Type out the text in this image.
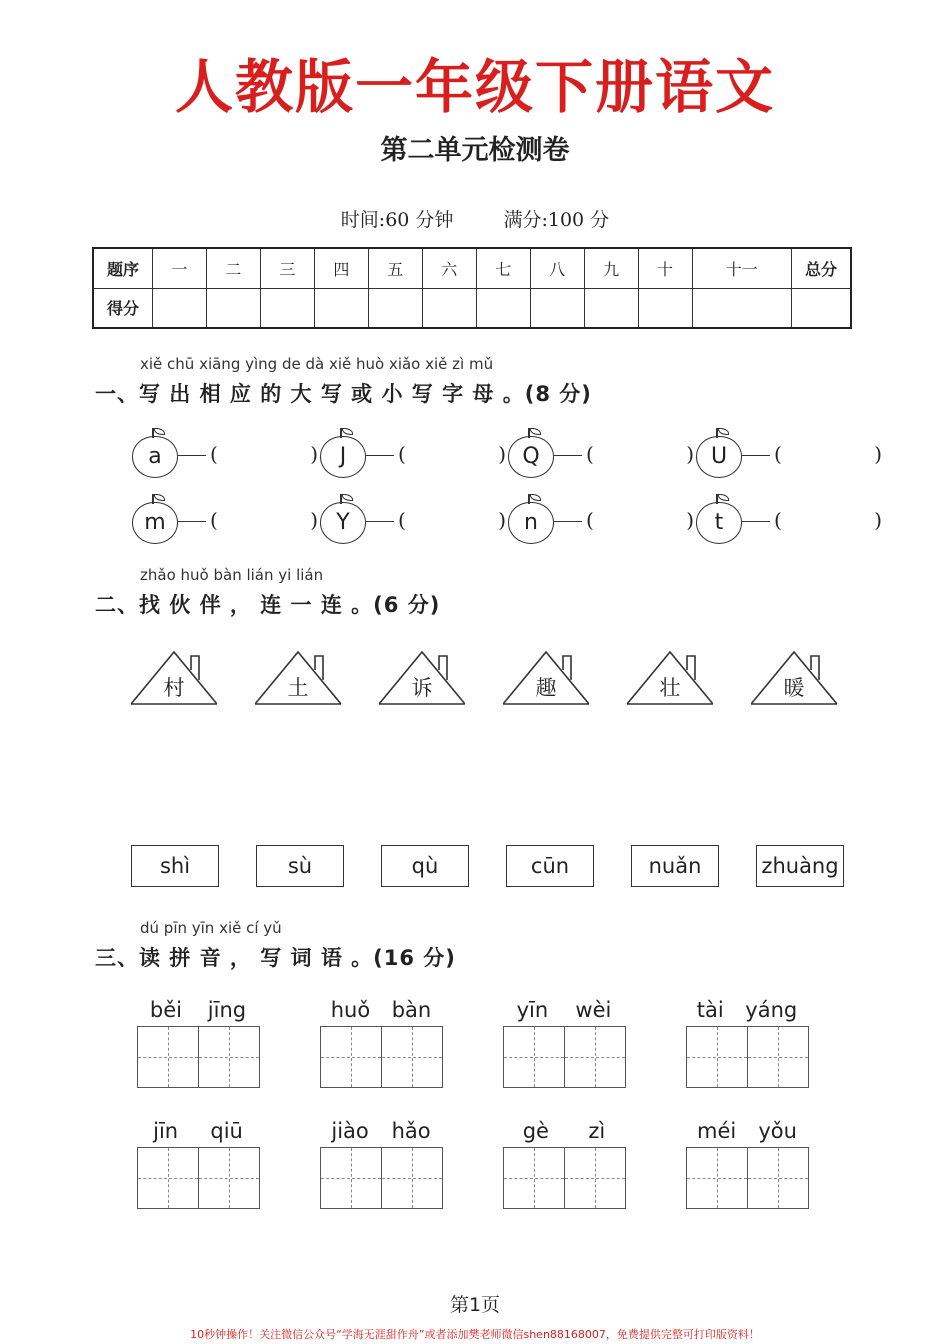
人教版一年级下册语文
第二单元检测卷
时间:60 分钟	满分:100 分
题序	一	二	三	四	五	六	七	八	九	十	十一	总分
得分												
xiě chū xiāng yìng de dà xiě huò xiǎo xiě zì mǔ
一、写 出 相 应 的 大 写 或 小 写 字 母 。(8 分)
a	(	) J	(	) Q	(	) U	(	)
m	(	) Y	(	) n	(	) t	(	)
zhǎo huǒ bàn lián yi lián
二、找 伙 伴 ， 连 一 连 。(6 分)
村	土	诉	趣	壮	暖
shì	sù	qù	cūn	nuǎn	zhuàng
dú pīn yīn xiě cí yǔ
三、读 拼 音 ， 写 词 语 。(16 分)
běi jīng	huǒ bàn	yīn wèi	tài yáng
jīn qiū	jiào hǎo	gè zì	méi yǒu
第1页
10秒钟操作！关注微信公众号“学海无涯甜作舟”或者添加樊老师微信shen88168007，免费提供完整可打印版资料！
